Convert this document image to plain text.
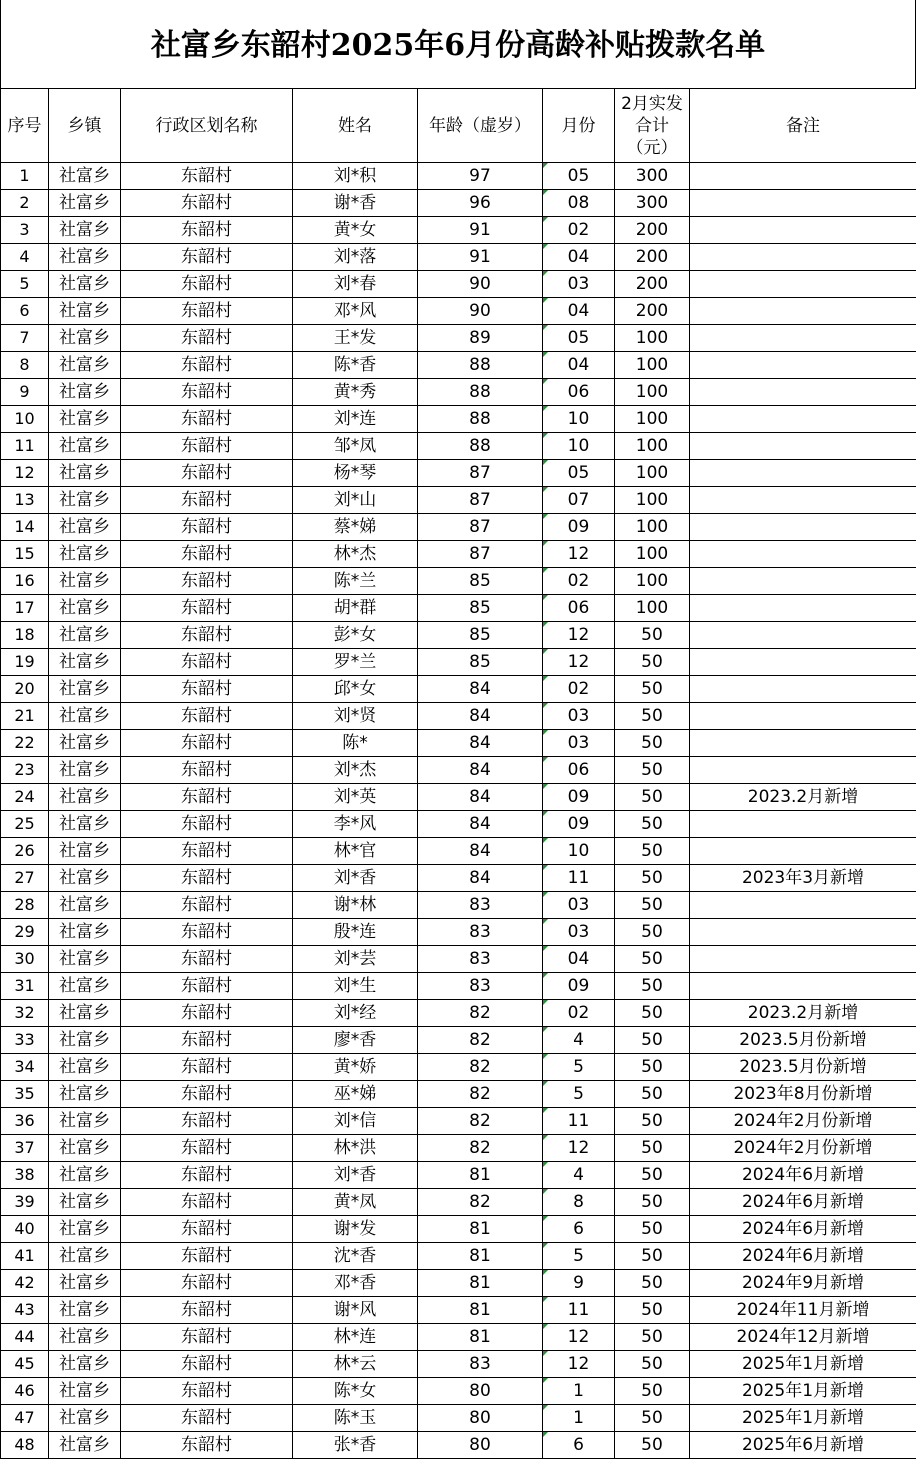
社富乡东韶村2025年6月份高龄补贴拨款名单
序号	乡镇	行政区划名称	姓名	年龄（虚岁）	月份	2月实发合计（元）	备注
1	社富乡	东韶村	刘*积	97	05	300	
2	社富乡	东韶村	谢*香	96	08	300	
3	社富乡	东韶村	黄*女	91	02	200	
4	社富乡	东韶村	刘*落	91	04	200	
5	社富乡	东韶村	刘*春	90	03	200	
6	社富乡	东韶村	邓*风	90	04	200	
7	社富乡	东韶村	王*发	89	05	100	
8	社富乡	东韶村	陈*香	88	04	100	
9	社富乡	东韶村	黄*秀	88	06	100	
10	社富乡	东韶村	刘*连	88	10	100	
11	社富乡	东韶村	邹*凤	88	10	100	
12	社富乡	东韶村	杨*琴	87	05	100	
13	社富乡	东韶村	刘*山	87	07	100	
14	社富乡	东韶村	蔡*娣	87	09	100	
15	社富乡	东韶村	林*杰	87	12	100	
16	社富乡	东韶村	陈*兰	85	02	100	
17	社富乡	东韶村	胡*群	85	06	100	
18	社富乡	东韶村	彭*女	85	12	50	
19	社富乡	东韶村	罗*兰	85	12	50	
20	社富乡	东韶村	邱*女	84	02	50	
21	社富乡	东韶村	刘*贤	84	03	50	
22	社富乡	东韶村	陈*	84	03	50	
23	社富乡	东韶村	刘*杰	84	06	50	
24	社富乡	东韶村	刘*英	84	09	50	2023.2月新增
25	社富乡	东韶村	李*风	84	09	50	
26	社富乡	东韶村	林*官	84	10	50	
27	社富乡	东韶村	刘*香	84	11	50	2023年3月新增
28	社富乡	东韶村	谢*林	83	03	50	
29	社富乡	东韶村	殷*连	83	03	50	
30	社富乡	东韶村	刘*芸	83	04	50	
31	社富乡	东韶村	刘*生	83	09	50	
32	社富乡	东韶村	刘*经	82	02	50	2023.2月新增
33	社富乡	东韶村	廖*香	82	4	50	2023.5月份新增
34	社富乡	东韶村	黄*娇	82	5	50	2023.5月份新增
35	社富乡	东韶村	巫*娣	82	5	50	2023年8月份新增
36	社富乡	东韶村	刘*信	82	11	50	2024年2月份新增
37	社富乡	东韶村	林*洪	82	12	50	2024年2月份新增
38	社富乡	东韶村	刘*香	81	4	50	2024年6月新增
39	社富乡	东韶村	黄*凤	82	8	50	2024年6月新增
40	社富乡	东韶村	谢*发	81	6	50	2024年6月新增
41	社富乡	东韶村	沈*香	81	5	50	2024年6月新增
42	社富乡	东韶村	邓*香	81	9	50	2024年9月新增
43	社富乡	东韶村	谢*风	81	11	50	2024年11月新增
44	社富乡	东韶村	林*连	81	12	50	2024年12月新增
45	社富乡	东韶村	林*云	83	12	50	2025年1月新增
46	社富乡	东韶村	陈*女	80	1	50	2025年1月新增
47	社富乡	东韶村	陈*玉	80	1	50	2025年1月新增
48	社富乡	东韶村	张*香	80	6	50	2025年6月新增
